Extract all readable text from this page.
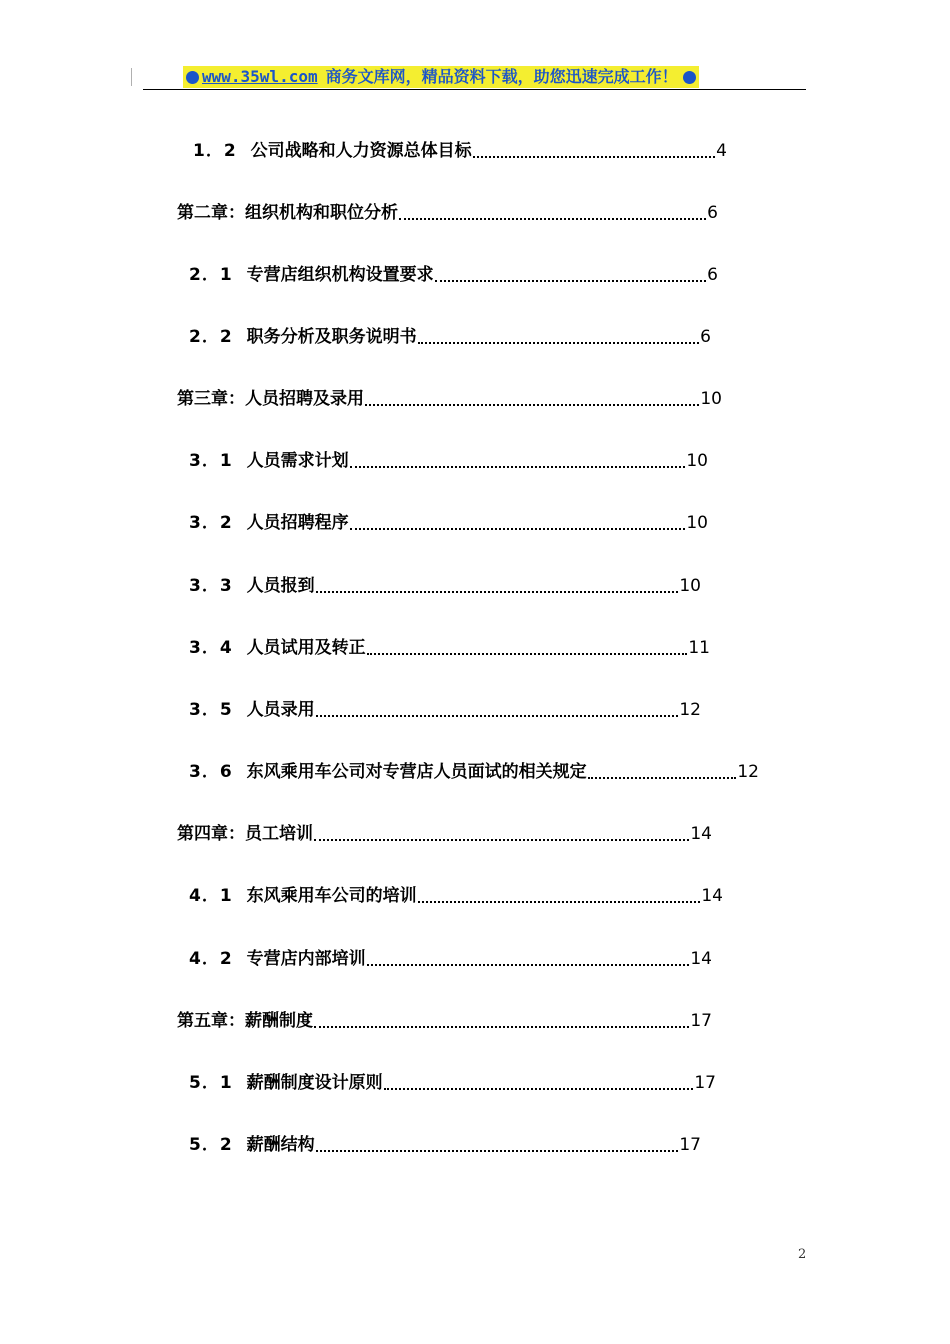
www.35wl.com 商务文库网，精品资料下载，助您迅速完成工作！
1．2 公司战略和人力资源总体目标	4
第二章：组织机构和职位分析	6
2．1 专营店组织机构设置要求	6
2．2 职务分析及职务说明书	6
第三章：人员招聘及录用	10
3．1 人员需求计划	10
3．2 人员招聘程序	10
3．3 人员报到	10
3．4 人员试用及转正	11
3．5 人员录用	12
3．6 东风乘用车公司对专营店人员面试的相关规定	12
第四章：员工培训	14
4．1 东风乘用车公司的培训	14
4．2 专营店内部培训	14
第五章：薪酬制度	17
5．1 薪酬制度设计原则	17
5．2 薪酬结构	17
2
